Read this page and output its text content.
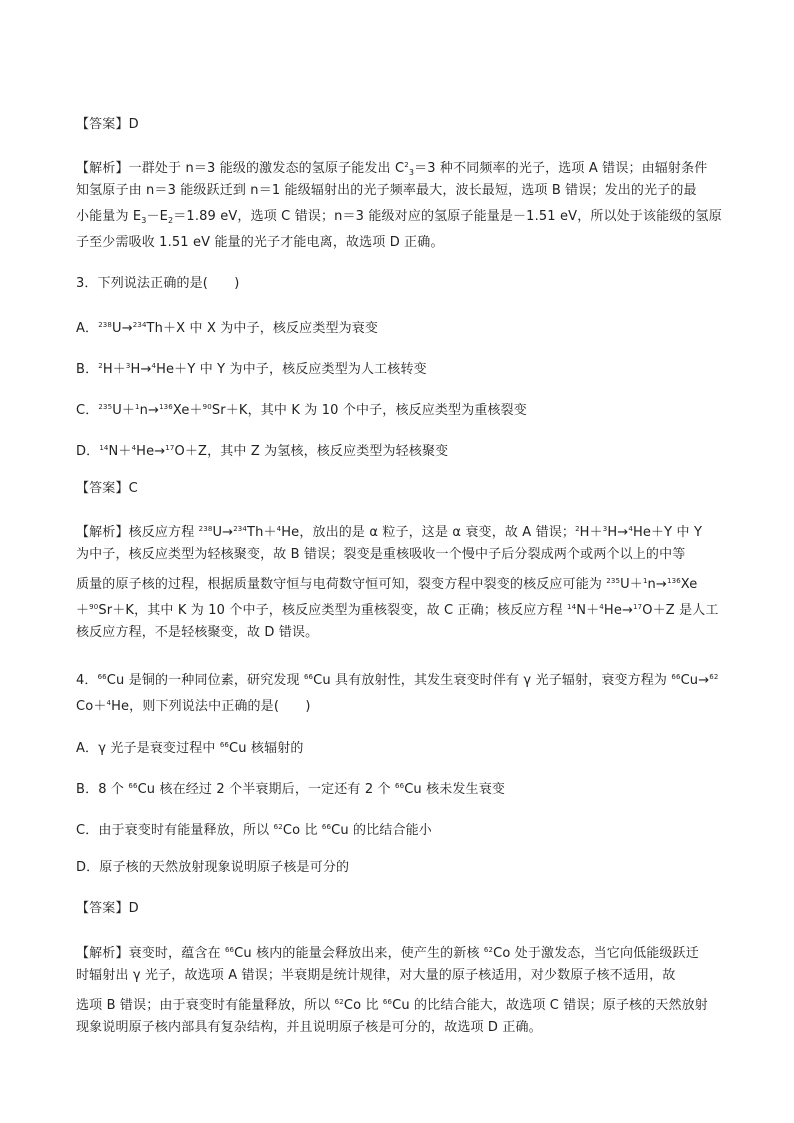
【答案】D
【解析】一群处于 n＝3 能级的激发态的氢原子能发出 $C^2_3=3$ 种不同频率的光子，选项 A 错误；由辐射条件
知氢原子由 n＝3 能级跃迁到 n＝1 能级辐射出的光子频率最大，波长最短，选项 B 错误；发出的光子的最
小能量为 $E_3-E_2=1.89$ eV，选项 C 错误；n＝3 能级对应的氢原子能量是－1.51 eV，所以处于该能级的氢原
子至少需吸收 1.51 eV 能量的光子才能电离，故选项 D 正确。
3．下列说法正确的是(　　)
A．$^{238}$U→$^{234}$Th＋X 中 X 为中子，核反应类型为衰变
B．$^2$H＋$^3$H→$^4$He＋Y 中 Y 为中子，核反应类型为人工核转变
C．$^{235}$U＋$^1$n→$^{136}$Xe＋$^{90}$Sr＋K，其中 K 为 10 个中子，核反应类型为重核裂变
D．$^{14}$N＋$^4$He→$^{17}$O＋Z，其中 Z 为氢核，核反应类型为轻核聚变
【答案】C
【解析】核反应方程 $^{238}$U→$^{234}$Th＋$^4$He，放出的是 α 粒子，这是 α 衰变，故 A 错误；$^2$H＋$^3$H→$^4$He＋Y 中 Y
为中子，核反应类型为轻核聚变，故 B 错误；裂变是重核吸收一个慢中子后分裂成两个或两个以上的中等
质量的原子核的过程，根据质量数守恒与电荷数守恒可知，裂变方程中裂变的核反应可能为 $^{235}$U＋$^1$n→$^{136}$Xe
＋$^{90}$Sr＋K，其中 K 为 10 个中子，核反应类型为重核裂变，故 C 正确；核反应方程 $^{14}$N＋$^4$He→$^{17}$O＋Z 是人工
核反应方程，不是轻核聚变，故 D 错误。
4．$^{66}$Cu 是铜的一种同位素，研究发现 $^{66}$Cu 具有放射性，其发生衰变时伴有 γ 光子辐射，衰变方程为 $^{66}$Cu→$^{62}$
Co＋$^4$He，则下列说法中正确的是(　　)
A．γ 光子是衰变过程中 $^{66}$Cu 核辐射的
B．8 个 $^{66}$Cu 核在经过 2 个半衰期后，一定还有 2 个 $^{66}$Cu 核未发生衰变
C．由于衰变时有能量释放，所以 $^{62}$Co 比 $^{66}$Cu 的比结合能小
D．原子核的天然放射现象说明原子核是可分的
【答案】D
【解析】衰变时，蕴含在 $^{66}$Cu 核内的能量会释放出来，使产生的新核 $^{62}$Co 处于激发态，当它向低能级跃迁
时辐射出 γ 光子，故选项 A 错误；半衰期是统计规律，对大量的原子核适用，对少数原子核不适用，故
选项 B 错误；由于衰变时有能量释放，所以 $^{62}$Co 比 $^{66}$Cu 的比结合能大，故选项 C 错误；原子核的天然放射
现象说明原子核内部具有复杂结构，并且说明原子核是可分的，故选项 D 正确。
